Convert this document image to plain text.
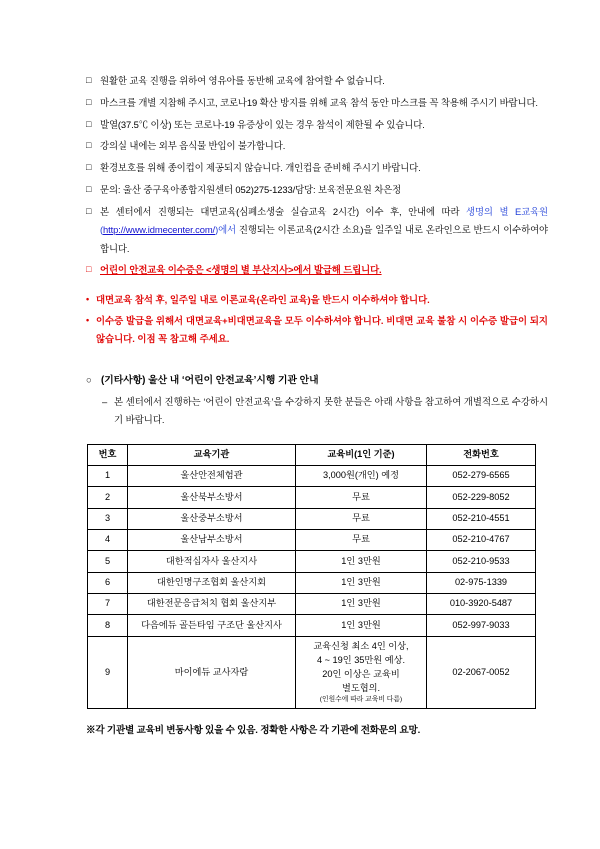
□ 원활한 교육 진행을 위하여 영유아를 동반해 교육에 참여할 수 없습니다.
□ 마스크를 개별 지참해 주시고, 코로나19 확산 방지를 위해 교육 참석 동안 마스크를 꼭 착용해 주시기 바랍니다.
□ 발열(37.5℃ 이상) 또는 코로나-19 유증상이 있는 경우 참석이 제한될 수 있습니다.
□ 강의실 내에는 외부 음식물 반입이 불가합니다.
□ 환경보호를 위해 종이컵이 제공되지 않습니다. 개인컵을 준비해 주시기 바랍니다.
□ 문의: 울산 중구육아종합지원센터 052)275-1233/담당: 보육전문요원 차은정
□ 본 센터에서 진행되는 대면교육(심폐소생술 실습교육 2시간) 이수 후, 안내에 따라 생명의 별 E교육원(http://www.idmecenter.com/)에서 진행되는 이론교육(2시간 소요)을 일주일 내로 온라인으로 반드시 이수하여야 합니다.
□ 어린이 안전교육 이수증은 <생명의 별 부산지사>에서 발급해 드립니다.
• 대면교육 참석 후, 일주일 내로 이론교육(온라인 교육)을 반드시 이수하셔야 합니다.
• 이수증 발급을 위해서 대면교육+비대면교육을 모두 이수하셔야 합니다. 비대면 교육 불참 시 이수증 발급이 되지 않습니다. 이점 꼭 참고해 주세요.
○ (기타사항) 울산 내 ‘어린이 안전교육’시행 기관 안내
– 본 센터에서 진행하는 ‘어린이 안전교육’을 수강하지 못한 분들은 아래 사항을 참고하여 개별적으로 수강하시기 바랍니다.
번호	교육기관	교육비(1인 기준)	전화번호
1	울산안전체험관	3,000원(개인) 예정	052-279-6565
2	울산북부소방서	무료	052-229-8052
3	울산중부소방서	무료	052-210-4551
4	울산남부소방서	무료	052-210-4767
5	대한적십자사 울산지사	1인 3만원	052-210-9533
6	대한인명구조협회 울산지회	1인 3만원	02-975-1339
7	대한전문응급처치 협회 울산지부	1인 3만원	010-3920-5487
8	다음에듀 골든타임 구조단 울산지사	1인 3만원	052-997-9033
9	마이에듀 교사자람	교육신청 최소 4인 이상,
4 ~ 19인 35만원 예상.
20인 이상은 교육비
별도협의.
(인원수에 따라 교육비 다름)	02-2067-0052
※각 기관별 교육비 변동사항 있을 수 있음. 정확한 사항은 각 기관에 전화문의 요망.
